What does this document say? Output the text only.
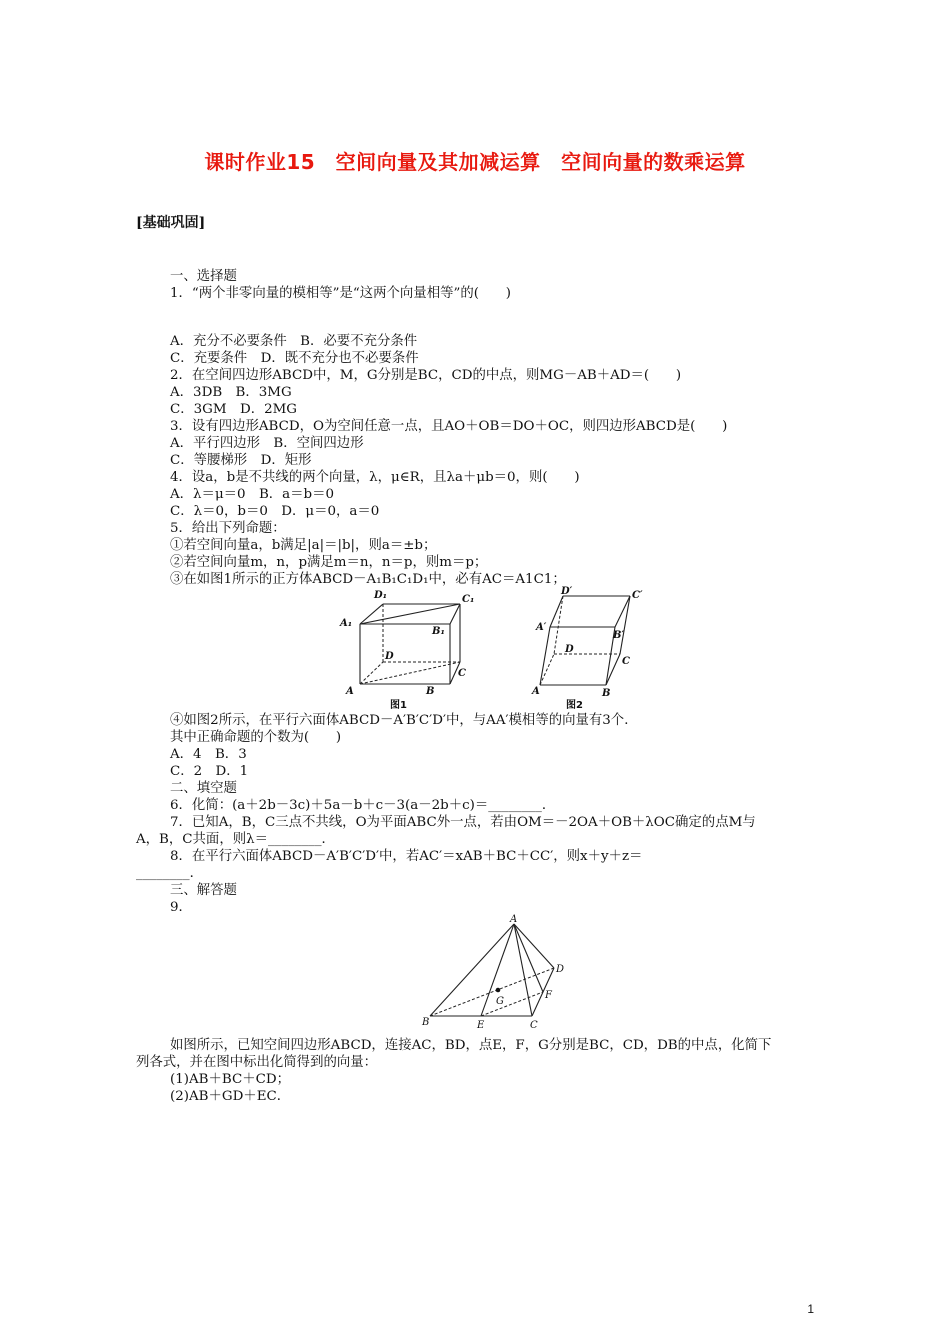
课时作业15　空间向量及其加减运算　空间向量的数乘运算
[基础巩固]
一、选择题
1．“两个非零向量的模相等”是“这两个向量相等”的(　　)
A．充分不必要条件　B．必要不充分条件
C．充要条件　D．既不充分也不必要条件
2．在空间四边形ABCD中，M，G分别是BC，CD的中点，则MG－AB＋AD＝(　　)
A．3DB　B．3MG
C．3GM　D．2MG
3．设有四边形ABCD，O为空间任意一点，且AO＋OB＝DO＋OC，则四边形ABCD是(　　)
A．平行四边形　B．空间四边形
C．等腰梯形　D．矩形
4．设a，b是不共线的两个向量，λ，μ∈R，且λa＋μb＝0，则(　　)
A．λ＝μ＝0　B．a＝b＝0
C．λ＝0，b＝0　D．μ＝0，a＝0
5．给出下列命题：
①若空间向量a，b满足|a|＝|b|，则a＝±b；
②若空间向量m，n，p满足m＝n，n＝p，则m＝p；
③在如图1所示的正方体ABCD－A₁B₁C₁D₁中，必有AC＝A1C1；
D₁	C₁
A₁
B₁
D
C
A	B
图1
D′	C′
A′
B′
D
C
A	B
图2
④如图2所示，在平行六面体ABCD－A′B′C′D′中，与AA′模相等的向量有3个．
其中正确命题的个数为(　　)
A．4　B．3
C．2　D．1
二、填空题
6．化简：(a＋2b－3c)＋5a－b＋c－3(a－2b＋c)＝________．
7．已知A，B，C三点不共线，O为平面ABC外一点，若由OM＝－2OA＋OB＋λOC确定的点M与
A，B，C共面，则λ＝________．
8．在平行六面体ABCD－A′B′C′D′中，若AC′＝xAB＋BC＋CC′，则x＋y＋z＝
________．
三、解答题
9．
A
D
G
F
B	E	C
如图所示，已知空间四边形ABCD，连接AC，BD，点E，F，G分别是BC，CD，DB的中点，化简下
列各式，并在图中标出化简得到的向量：
(1)AB＋BC＋CD；
(2)AB＋GD＋EC．
1
